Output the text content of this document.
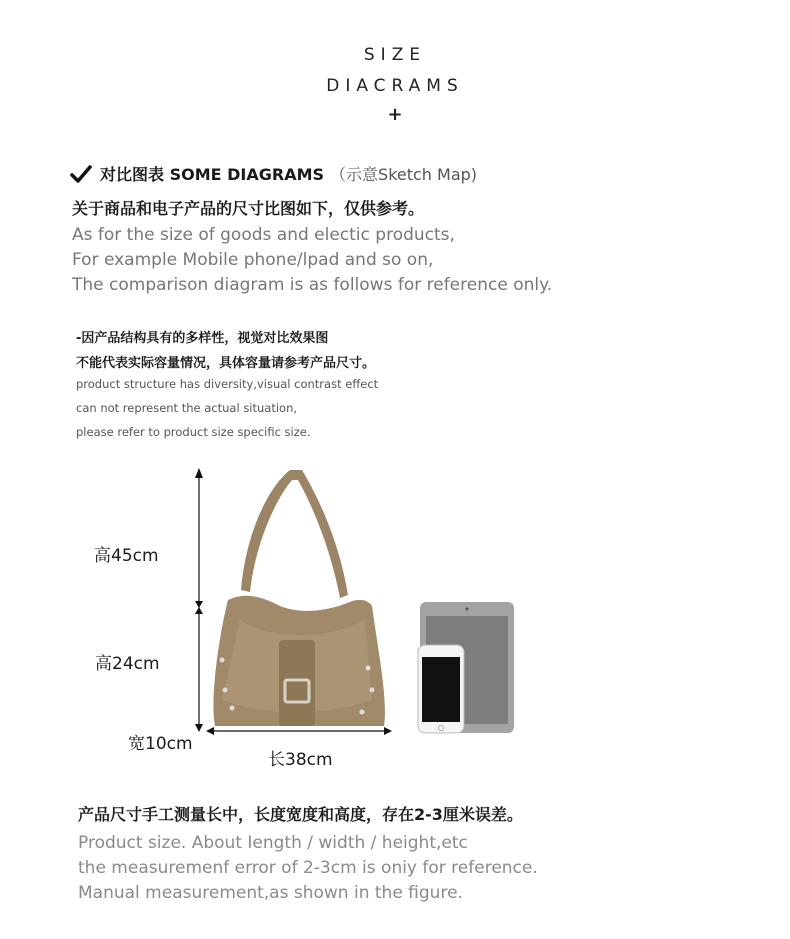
SIZE
DIACRAMS
+
对比图表 SOME DIAGRAMS （示意Sketch Map)
关于商品和电子产品的尺寸比图如下，仅供参考。
As for the size of goods and electic products,
For example Mobile phone/lpad and so on,
The comparison diagram is as follows for reference only.
-因产品结构具有的多样性，视觉对比效果图
不能代表实际容量情况，具体容量请参考产品尺寸。
product structure has diversity,visual contrast effect
can not represent the actual situation,
please refer to product size specific size.
高45cm
高24cm
宽10cm
长38cm
产品尺寸手工测量长中，长度宽度和高度，存在2-3厘米误差。
Product size. About Iength / width / height,etc
the measuremenf error of 2-3cm is oniy for reference.
Manual measurement,as shown in the figure.
